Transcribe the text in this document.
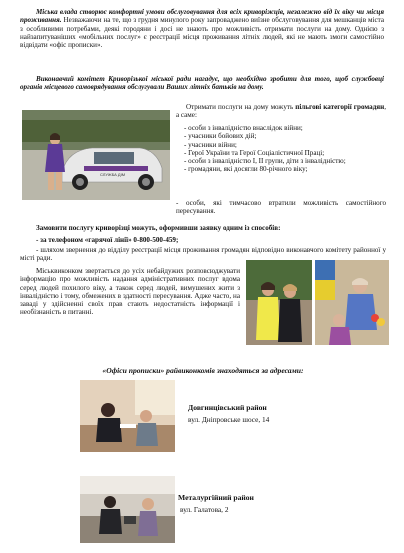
Міська влада створює комфортні умови обслуговування для всіх криворіжців, незалежно від їх віку чи місця проживання. Незважаючи на те, що з грудня минулого року запроваджено виїзне обслуговування для мешканців міста з особливими потребами, деякі городяни і досі не знають про можливість отримати послуги на дому. Однією з найзапитуваніших «мобільних послуг» є реєстрації місця проживання літніх людей, які не мають змоги самостійно відвідати «офіс прописки».

Виконавчий комітет Криворізької міської ради нагадує, що необхідно зробити для того, щоб службовці органів місцевого самоврядування обслугували Ваших літніх батьків на дому.

СЛУЖБА ДІМ

Отримати послуги на дому можуть пільгові категорії громадян, а саме:

- особи з інвалідністю внаслідок війни;
- учасники бойових дій;
- учасники війни;
- Герої України та Герої Соціалістичної Праці;
- особи з інвалідністю I, II групи, діти з інвалідністю;
- громадяни, які досягли 80-річного віку;

- особи, які тимчасово втратили можливість самостійного пересування.

Замовити послугу криворізці можуть, оформивши заявку одним із способів:

- за телефоном «гарячої лінії» 0-800-500-459;

- шляхом звернення до відділу реєстрації місця проживання громадян відповідно виконавчого комітету районної у місті ради.

Міськвиконком звертається до усіх небайдужих розповсюджувати інформацію про можливість надання адміністративних послуг вдома серед людей похилого віку, а також серед людей, вимушених жити з інвалідністю і тому, обмежених в здатності пересування. Адже часто, на заваді у здійсненні своїх прав стають недостатність інформації і необізнаність в питанні.

«Офіси прописки» райвиконкомів знаходяться за адресами:

Довгинцівський район

вул. Дніпровське шосе, 14

Металургійний район

вул. Галатова, 2
